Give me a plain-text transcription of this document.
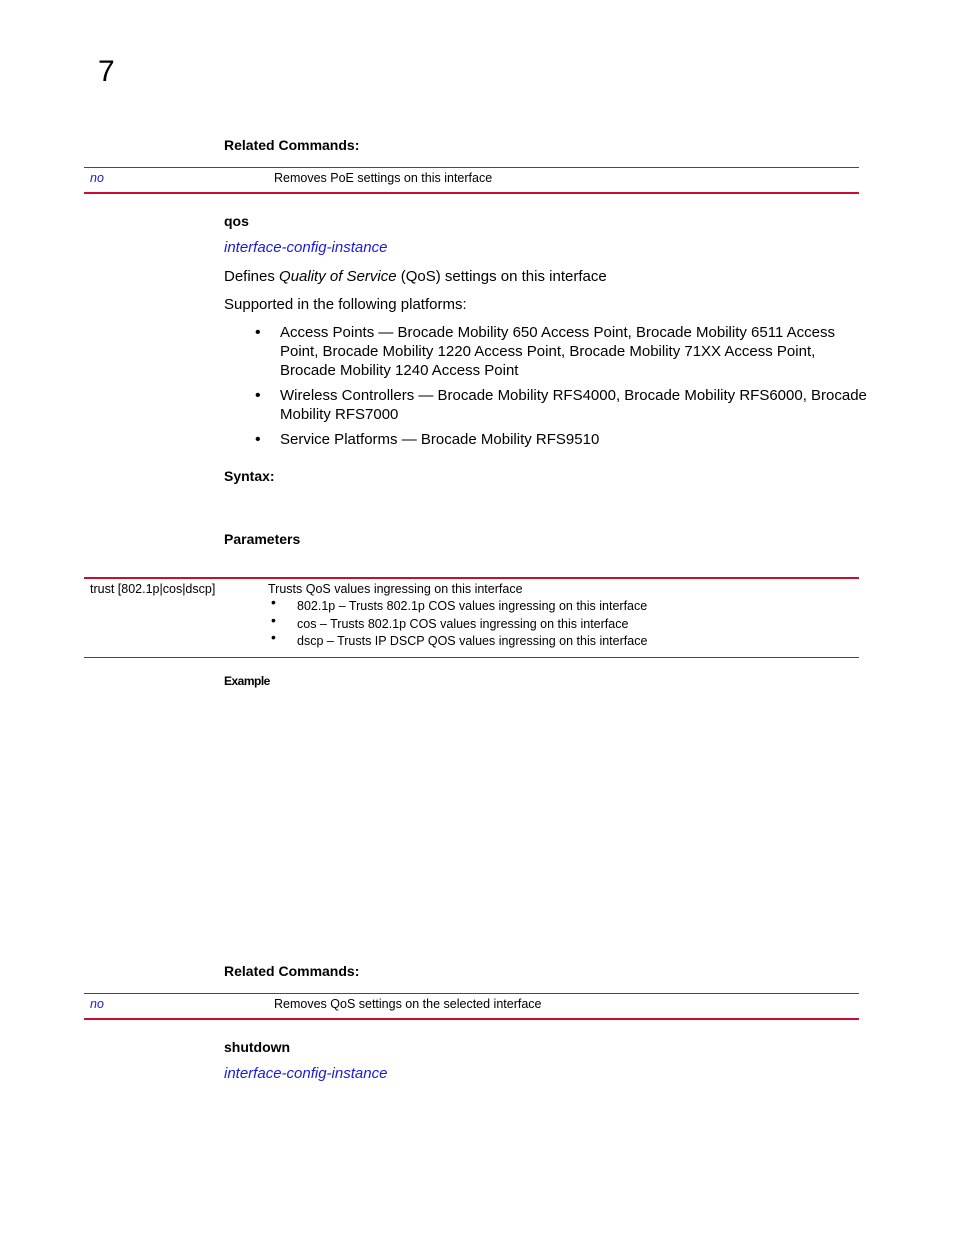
7
Related Commands:
no	Removes PoE settings on this interface
qos
interface-config-instance
Defines Quality of Service (QoS) settings on this interface
Supported in the following platforms:
• Access Points — Brocade Mobility 650 Access Point, Brocade Mobility 6511 Access Point, Brocade Mobility 1220 Access Point, Brocade Mobility 71XX Access Point, Brocade Mobility 1240 Access Point
• Wireless Controllers — Brocade Mobility RFS4000, Brocade Mobility RFS6000, Brocade Mobility RFS7000
• Service Platforms — Brocade Mobility RFS9510
Syntax:
Parameters
trust [802.1p|cos|dscp]	Trusts QoS values ingressing on this interface
• 802.1p – Trusts 802.1p COS values ingressing on this interface
• cos – Trusts 802.1p COS values ingressing on this interface
• dscp – Trusts IP DSCP QOS values ingressing on this interface
Example
Related Commands:
no	Removes QoS settings on the selected interface
shutdown
interface-config-instance
